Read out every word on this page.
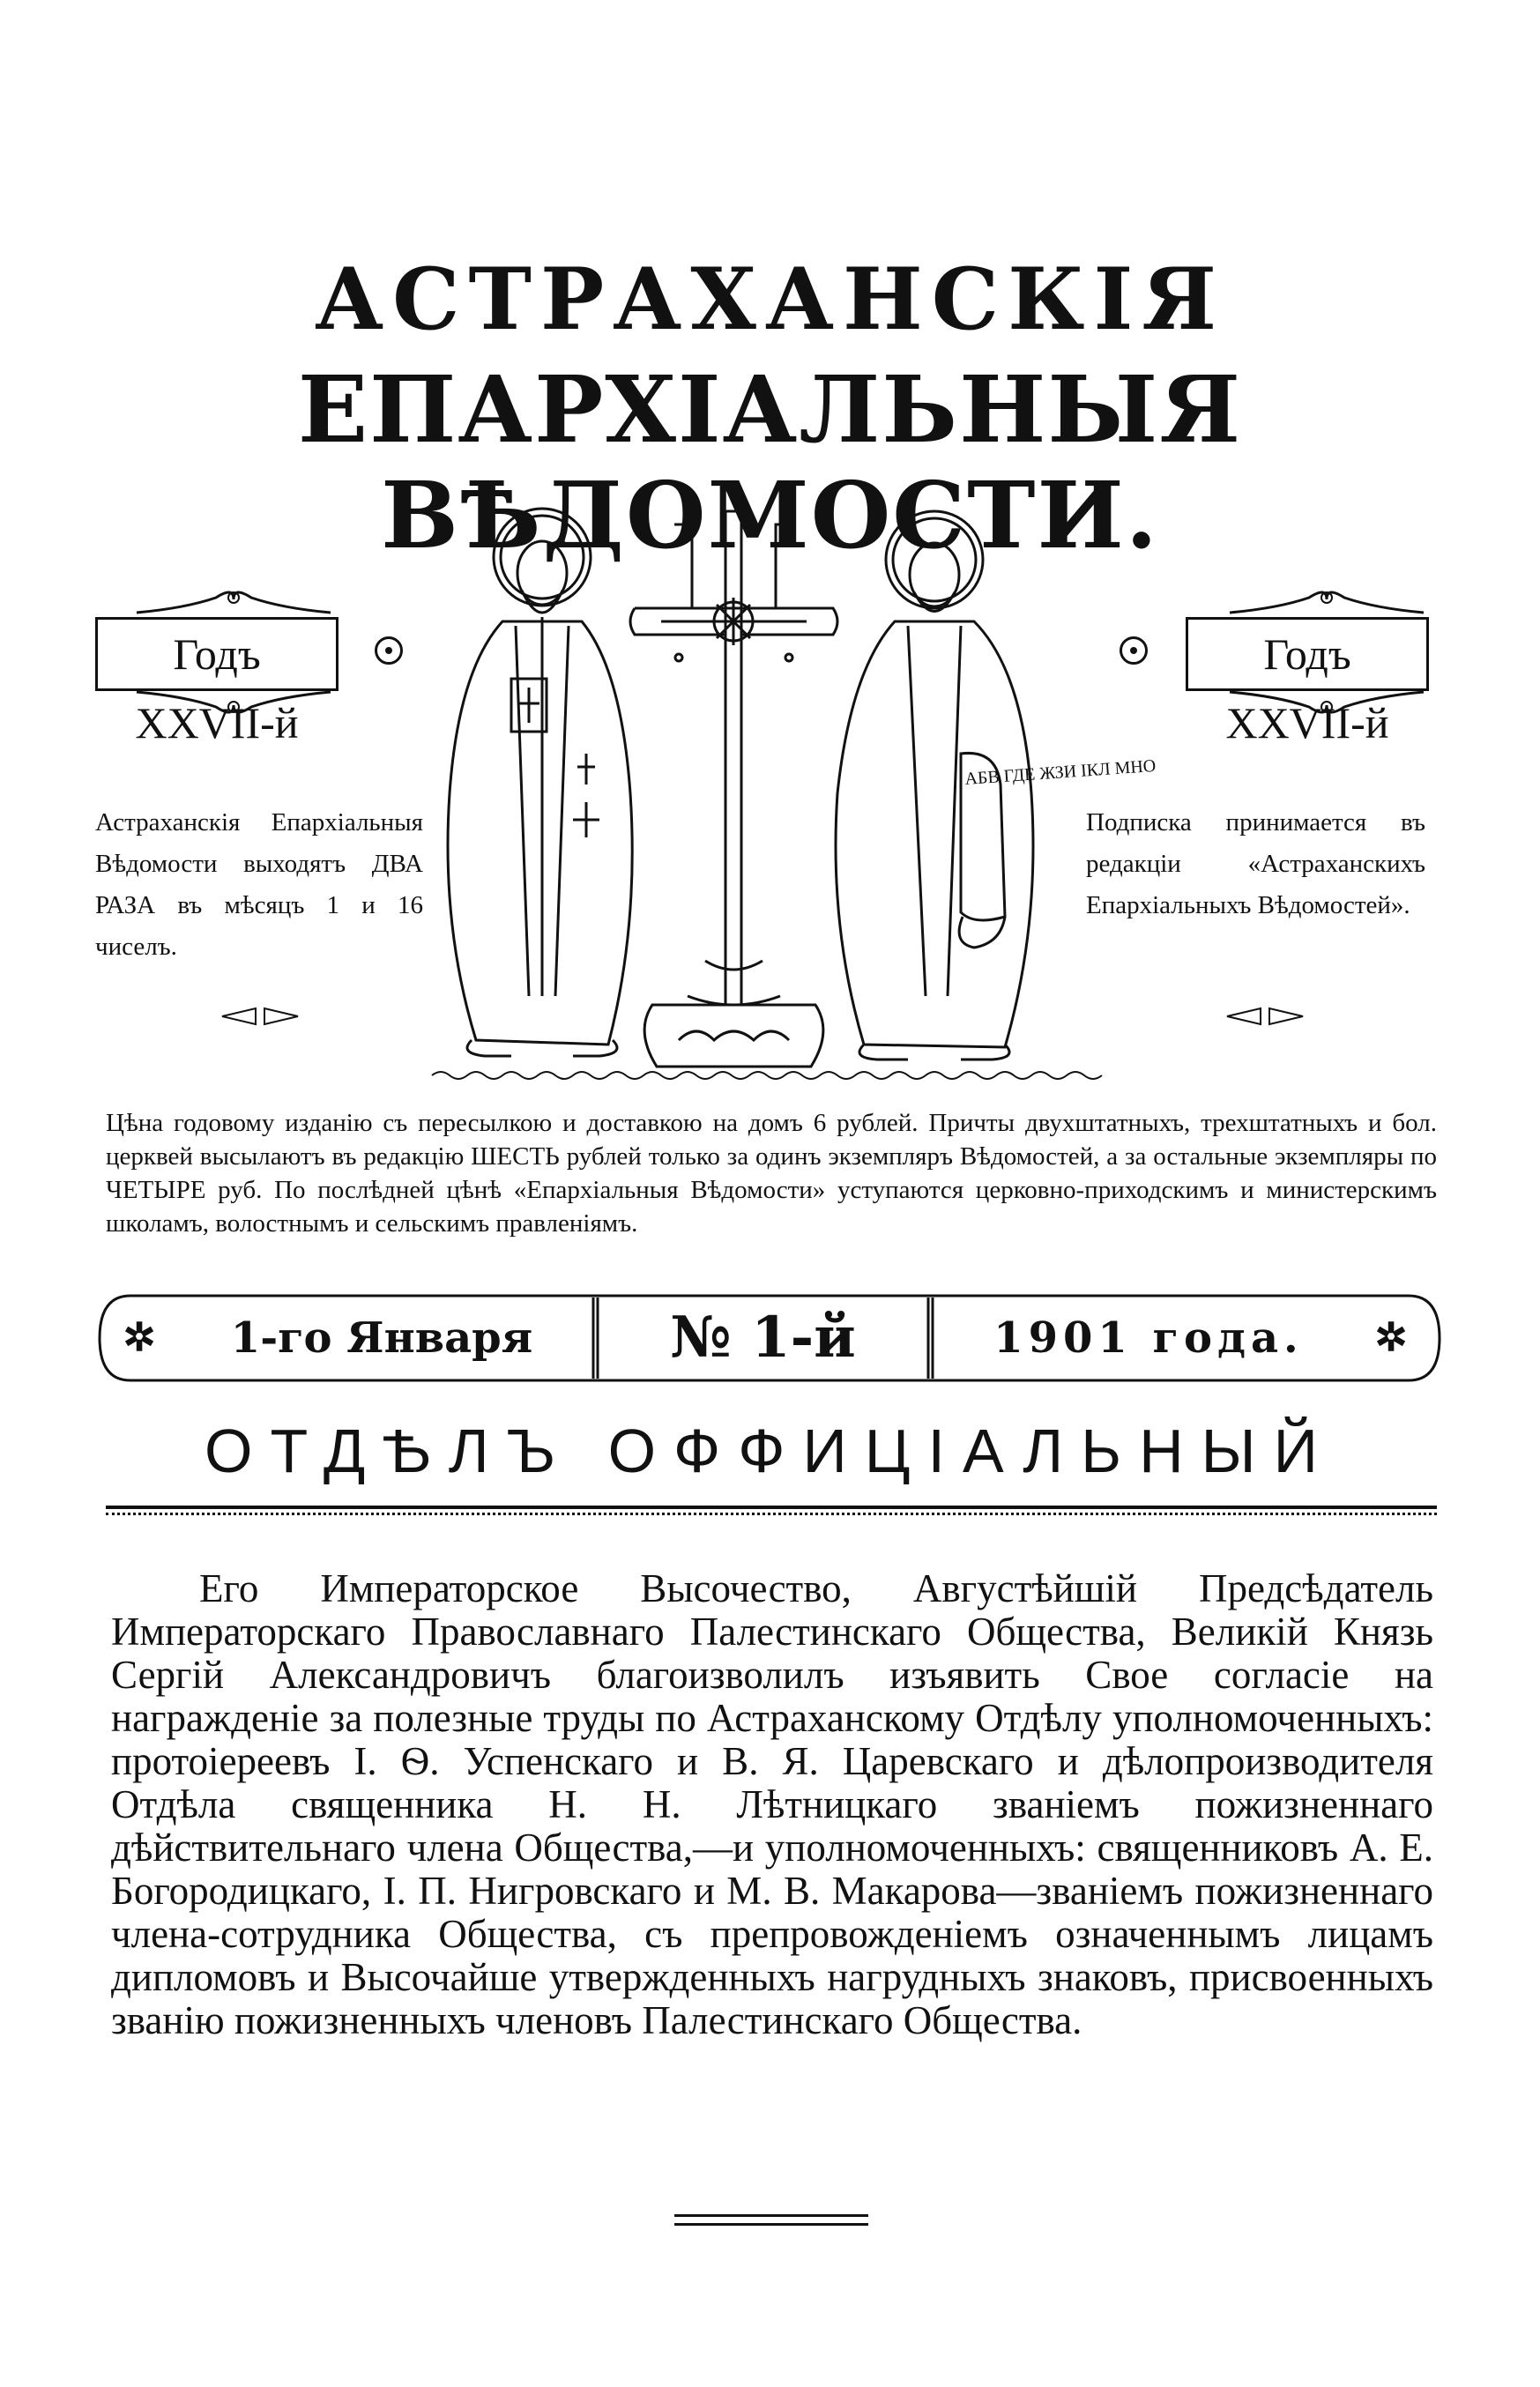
АСТРАХАНСКІЯ
ЕПАРХІАЛЬНЫЯ ВѢДОМОСТИ.
Годъ XXVII-й
Годъ XXVII-й
Астраханскія Епархіальныя Вѣдомости выходятъ ДВА РАЗА въ мѣсяцъ 1 и 16 чиселъ.
Подписка принимается въ редакціи «Астраханскихъ Епархіальныхъ Вѣдомостей».
АБВ ГДЕ ЖЗИ ІКЛ МНО
Цѣна годовому изданію съ пересылкою и доставкою на домъ 6 рублей. Причты двухштатныхъ, трехштатныхъ и бол. церквей высылаютъ въ редакцію ШЕСТЬ рублей только за одинъ экземпляръ Вѣдомостей, а за остальные экземпляры по ЧЕТЫРЕ руб. По послѣдней цѣнѣ «Епархіальныя Вѣдомости» уступаются церковно-приходскимъ и министерскимъ школамъ, волостнымъ и сельскимъ правленіямъ.
✲	1-го Января	№ 1-й	1901 года.	✲
ОТДѢЛЪ ОФФИЦІАЛЬНЫЙ
Его Императорское Высочество, Августѣйшій Предсѣдатель Императорскаго Православнаго Палестинскаго Общества, Великій Князь Сергій Александровичъ благоизволилъ изъявить Свое согласіе на награжденіе за полезные труды по Астраханскому Отдѣлу уполномоченныхъ: протоіереевъ І. Ѳ. Успенскаго и В. Я. Царевскаго и дѣлопроизводителя Отдѣла священника Н. Н. Лѣтницкаго званіемъ пожизненнаго дѣйствительнаго члена Общества,—и уполномоченныхъ: священниковъ А. Е. Богородицкаго, І. П. Нигровскаго и М. В. Макарова—званіемъ пожизненнаго члена-сотрудника Общества, съ препровожденіемъ означеннымъ лицамъ дипломовъ и Высочайше утвержденныхъ нагрудныхъ знаковъ, присвоенныхъ званію пожизненныхъ членовъ Палестинскаго Общества.
